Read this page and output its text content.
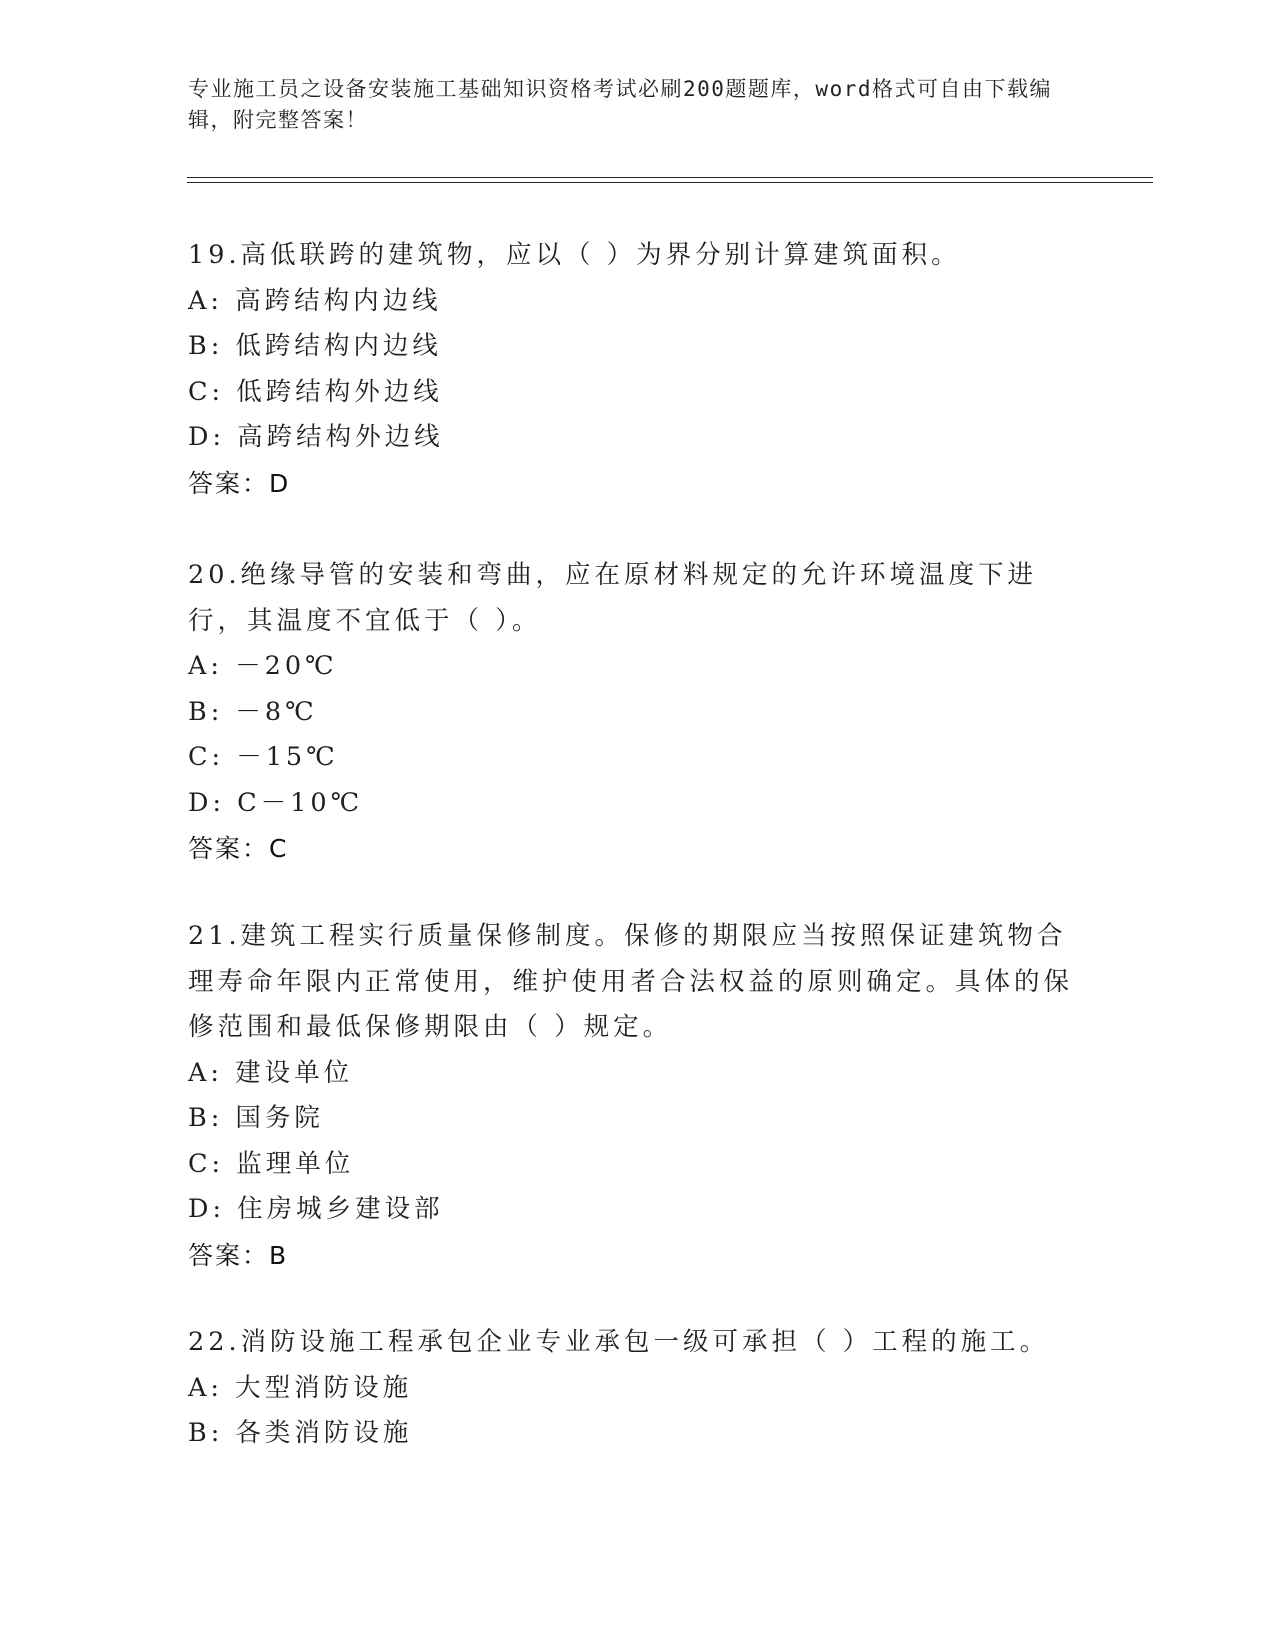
专业施工员之设备安装施工基础知识资格考试必刷200题题库，word格式可自由下载编辑，附完整答案！
19.高低联跨的建筑物，应以（ ）为界分别计算建筑面积。
A: 高跨结构内边线
B: 低跨结构内边线
C: 低跨结构外边线
D: 高跨结构外边线
答案：D
20.绝缘导管的安装和弯曲，应在原材料规定的允许环境温度下进行，其温度不宜低于（ ）。
A: －20℃
B: －8℃
C: －15℃
D: C－10℃
答案：C
21.建筑工程实行质量保修制度。保修的期限应当按照保证建筑物合理寿命年限内正常使用，维护使用者合法权益的原则确定。具体的保修范围和最低保修期限由（ ）规定。
A: 建设单位
B: 国务院
C: 监理单位
D: 住房城乡建设部
答案：B
22.消防设施工程承包企业专业承包一级可承担（ ）工程的施工。
A: 大型消防设施
B: 各类消防设施
